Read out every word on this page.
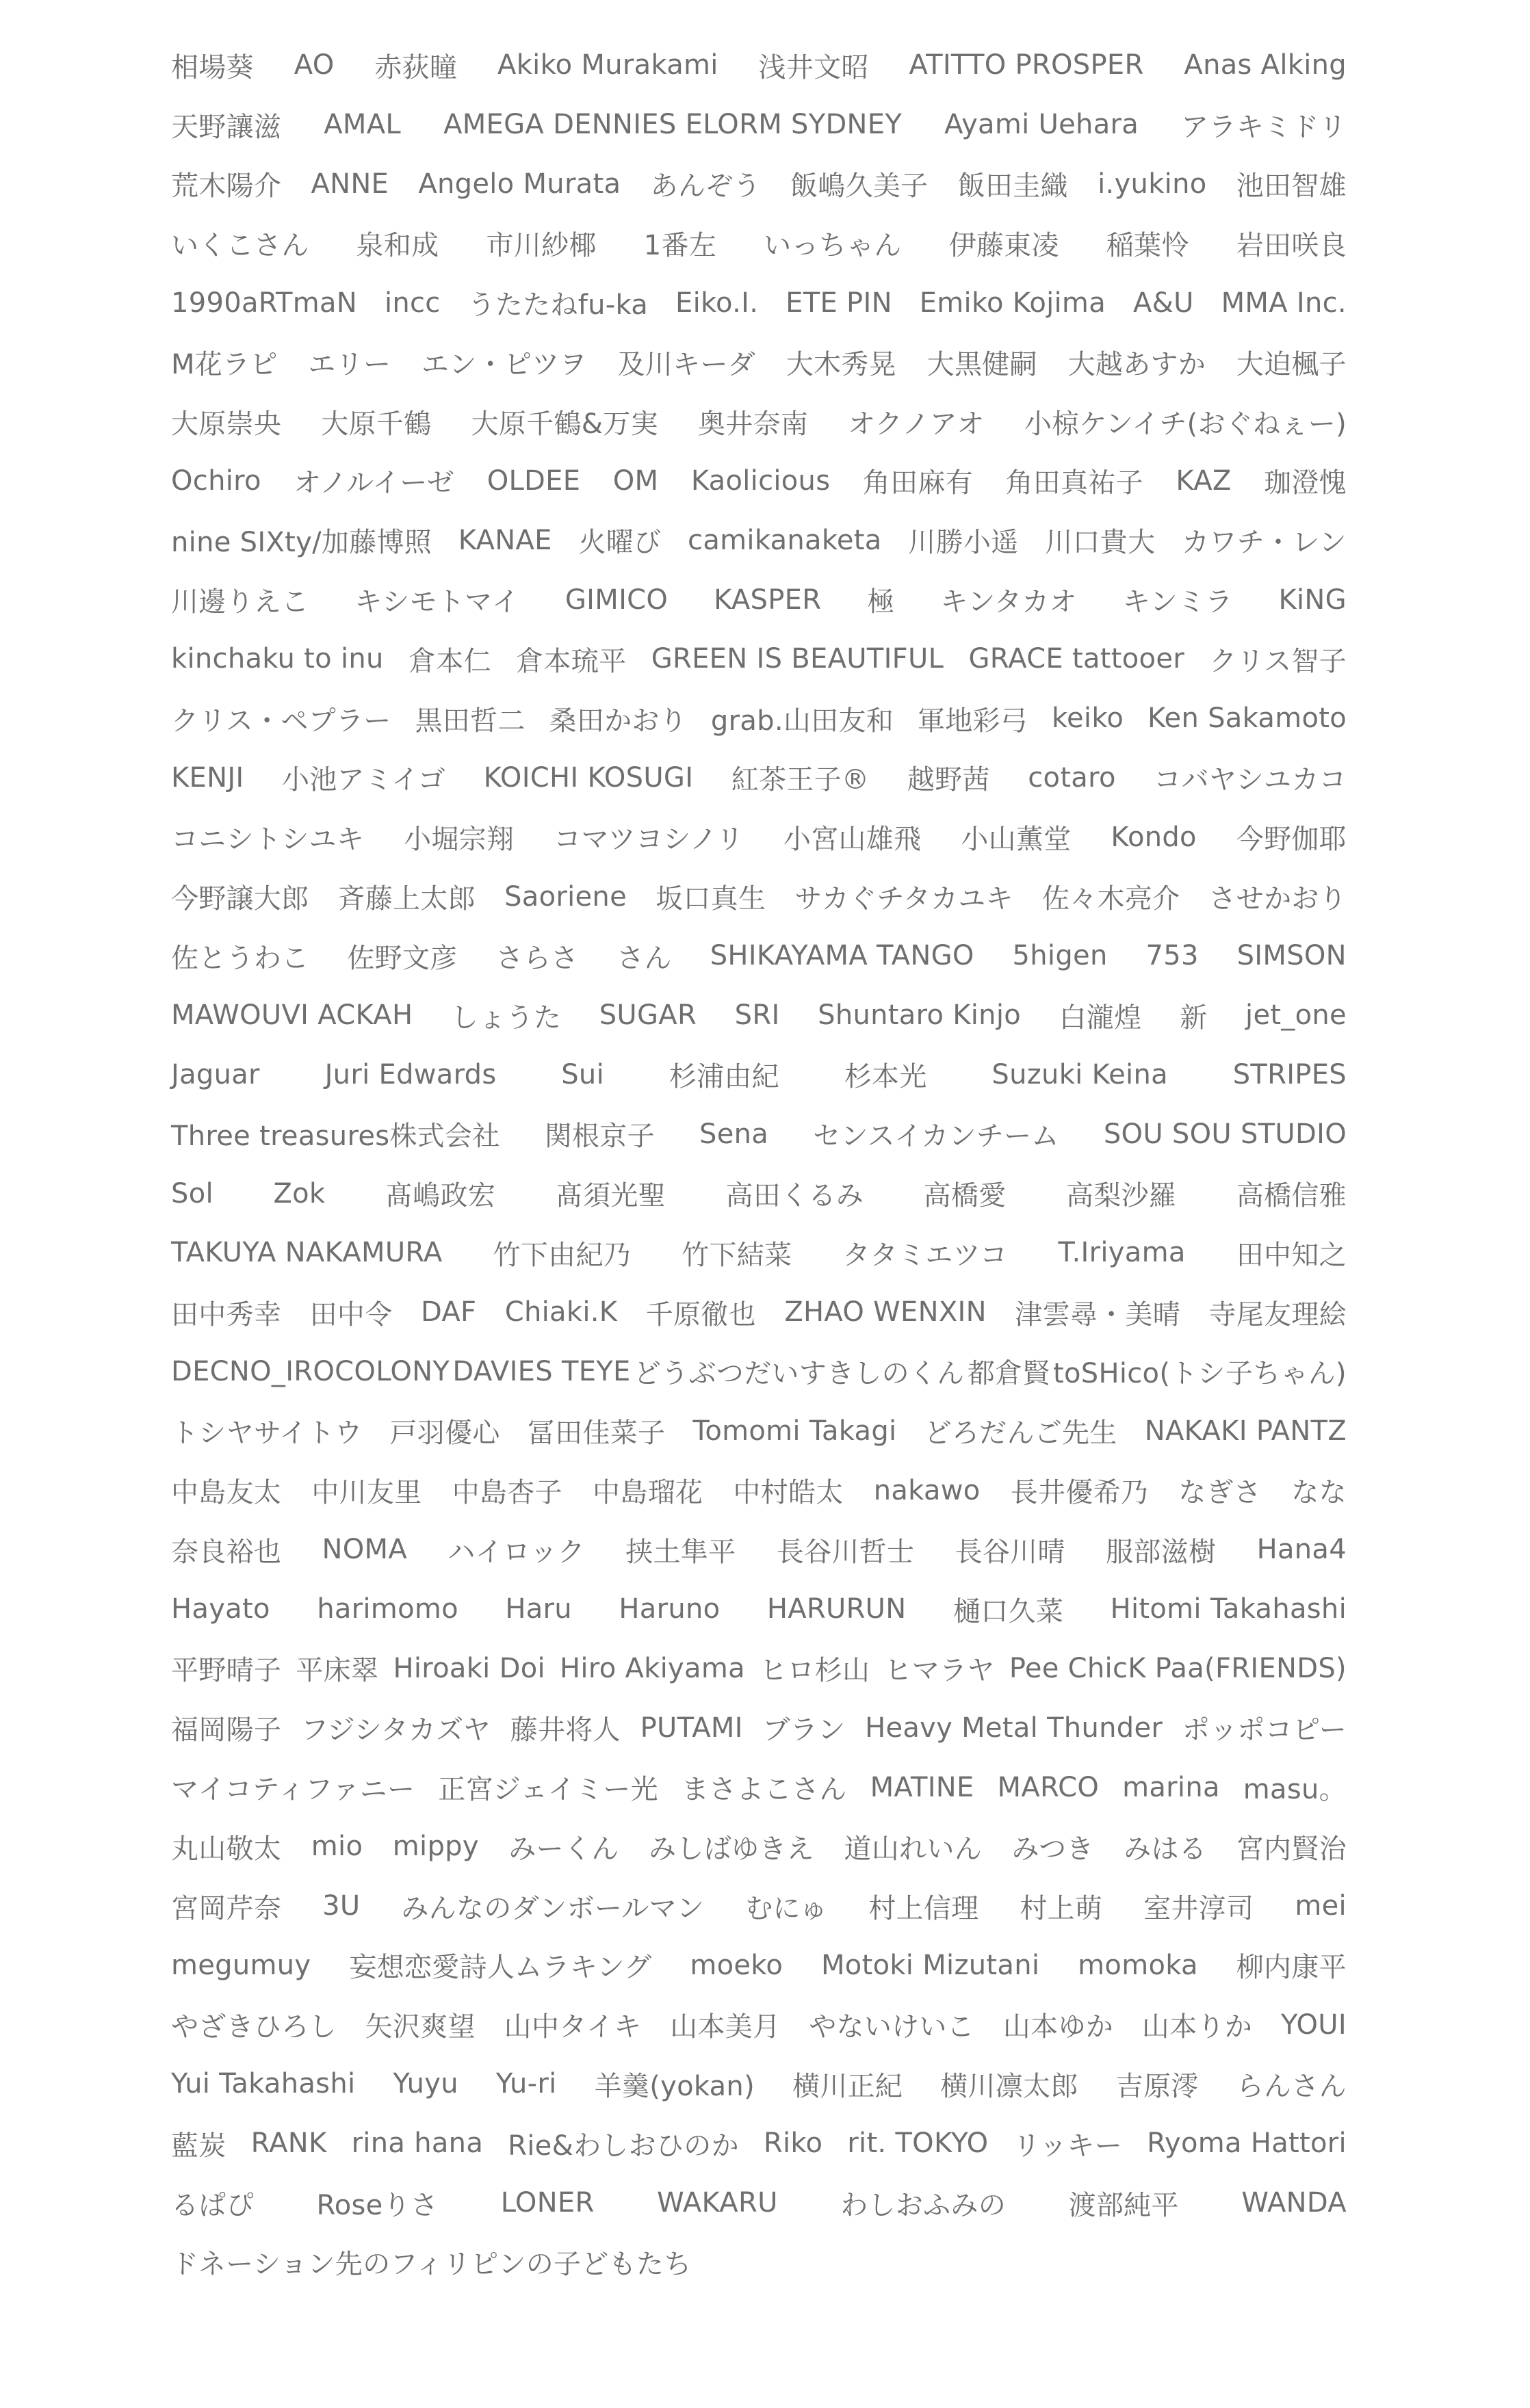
相場葵 AO 赤荻瞳 Akiko Murakami 浅井文昭 ATITTO PROSPER Anas Alking
天野讓滋 AMAL AMEGA DENNIES ELORM SYDNEY Ayami Uehara アラキミドリ
荒木陽介 ANNE Angelo Murata あんぞう 飯嶋久美子 飯田圭織 i.yukino 池田智雄
いくこさん 泉和成 市川紗椰 1番左 いっちゃん 伊藤東凌 稲葉怜 岩田咲良
1990aRTmaN incc うたたねfu-ka Eiko.I. ETE PIN Emiko Kojima A&U MMA Inc.
M花ラピ エリー エン・ピツヲ 及川キーダ 大木秀晃 大黒健嗣 大越あすか 大迫楓子
大原崇央 大原千鶴 大原千鶴&万実 奥井奈南 オクノアオ 小椋ケンイチ(おぐねぇー)
Ochiro オノルイーゼ OLDEE OM Kaolicious 角田麻有 角田真祐子 KAZ 珈澄愧
nine SIXty/加藤博照 KANAE 火曜び camikanaketa 川勝小遥 川口貴大 カワチ・レン
川邊りえこ キシモトマイ GIMICO KASPER 極 キンタカオ キンミラ KiNG
kinchaku to inu 倉本仁 倉本琉平 GREEN IS BEAUTIFUL GRACE tattooer クリス智子
クリス・ペプラー 黒田哲二 桑田かおり grab.山田友和 軍地彩弓 keiko Ken Sakamoto
KENJI 小池アミイゴ KOICHI KOSUGI 紅茶王子® 越野茜 cotaro コバヤシユカコ
コニシトシユキ 小堀宗翔 コマツヨシノリ 小宮山雄飛 小山薫堂 Kondo 今野伽耶
今野譲大郎 斉藤上太郎 Saoriene 坂口真生 サカぐチタカユキ 佐々木亮介 させかおり
佐とうわこ 佐野文彦 さらさ さん SHIKAYAMA TANGO 5higen 753 SIMSON
MAWOUVI ACKAH しょうた SUGAR SRI Shuntaro Kinjo 白瀧煌 新 jet_one
Jaguar Juri Edwards Sui 杉浦由紀 杉本光 Suzuki Keina STRIPES
Three treasures株式会社 関根京子 Sena センスイカンチーム SOU SOU STUDIO
Sol Zok 髙嶋政宏 髙須光聖 高田くるみ 高橋愛 高梨沙羅 高橋信雅
TAKUYA NAKAMURA 竹下由紀乃 竹下結菜 タタミエツコ T.Iriyama 田中知之
田中秀幸 田中令 DAF Chiaki.K 千原徹也 ZHAO WENXIN 津雲尋・美晴 寺尾友理絵
DECNO_IROCOLONY DAVIES TEYE どうぶつだいすきしのくん 都倉賢 toSHico(トシ子ちゃん)
トシヤサイトウ 戸羽優心 冨田佳菜子 Tomomi Takagi どろだんご先生 NAKAKI PANTZ
中島友太 中川友里 中島杏子 中島瑠花 中村皓太 nakawo 長井優希乃 なぎさ なな
奈良裕也 NOMA ハイロック 挟土隼平 長谷川哲士 長谷川晴 服部滋樹 Hana4
Hayato harimomo Haru Haruno HARURUN 樋口久菜 Hitomi Takahashi
平野晴子 平床翠 Hiroaki Doi Hiro Akiyama ヒロ杉山 ヒマラヤ Pee ChicK Paa(FRIENDS)
福岡陽子 フジシタカズヤ 藤井将人 PUTAMI ブラン Heavy Metal Thunder ポッポコピー
マイコティファニー 正宮ジェイミー光 まさよこさん MATINE MARCO marina masu。
丸山敬太 mio mippy みーくん みしばゆきえ 道山れいん みつき みはる 宮内賢治
宮岡芹奈 3U みんなのダンボールマン むにゅ 村上信理 村上萌 室井淳司 mei
megumuy 妄想恋愛詩人ムラキング moeko Motoki Mizutani momoka 柳内康平
やざきひろし 矢沢爽望 山中タイキ 山本美月 やないけいこ 山本ゆか 山本りか YOUI
Yui Takahashi Yuyu Yu-ri 羊羹(yokan) 横川正紀 横川凛太郎 吉原澪 らんさん
藍炭 RANK rina hana Rie&わしおひのか Riko rit. TOKYO リッキー Ryoma Hattori
るぱぴ Roseりさ LONER WAKARU わしおふみの 渡部純平 WANDA
ドネーション先のフィリピンの子どもたち
